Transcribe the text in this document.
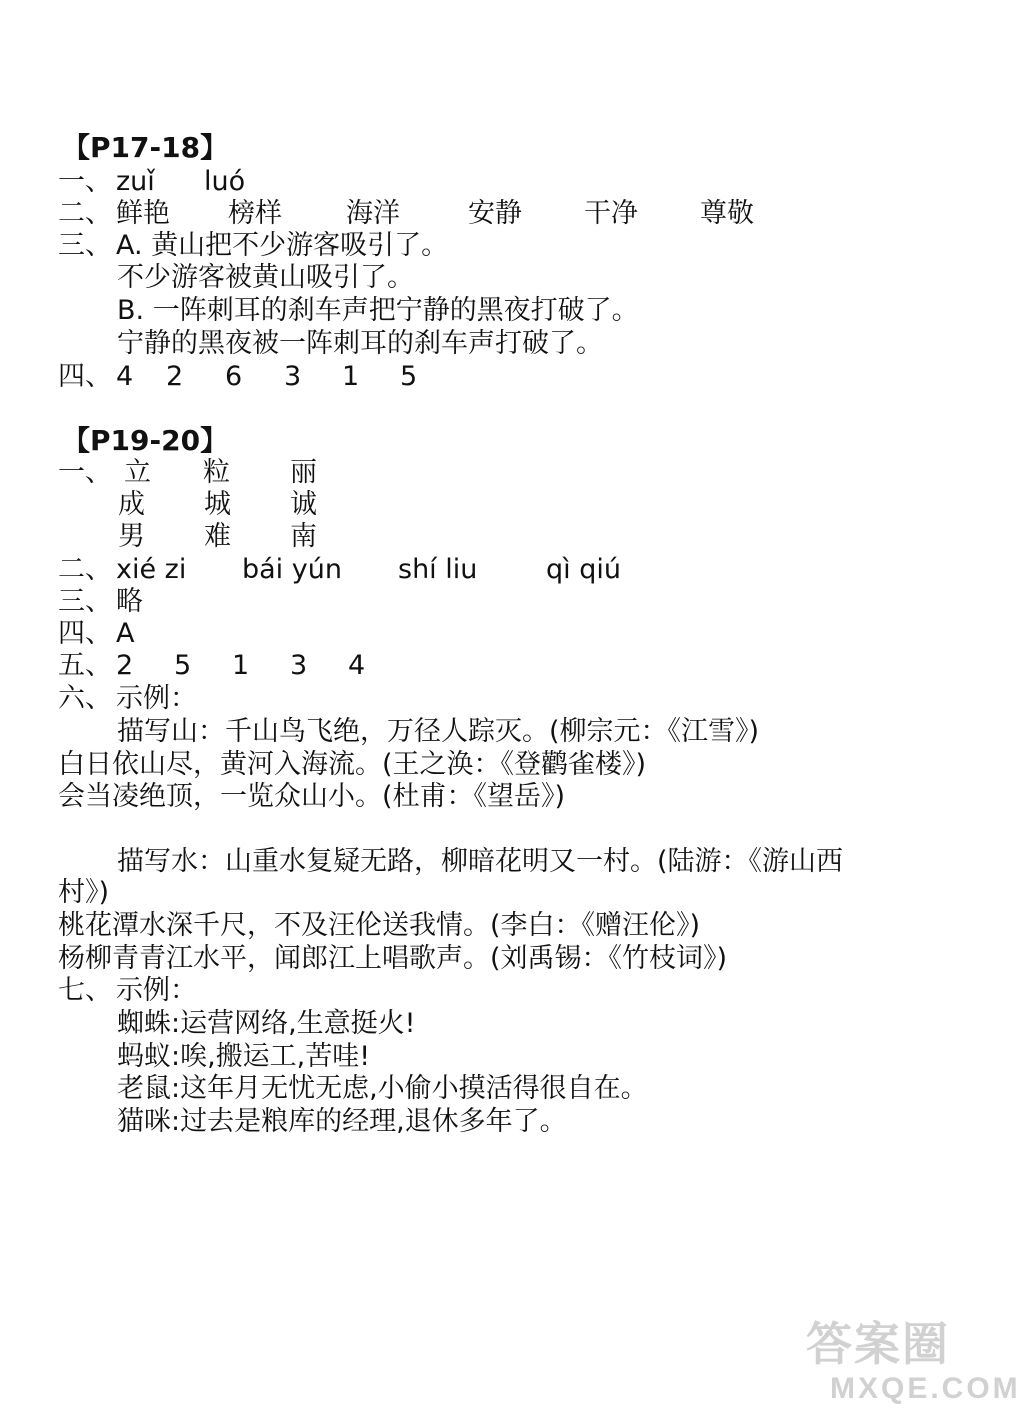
【P17-18】
一、 zuǐ luó
二、 鲜艳 榜样 海洋	安静 干净 尊敬
三、 A. 黄山把不少游客吸引了。
不少游客被黄山吸引了。
B. 一阵刺耳的刹车声把宁静的黑夜打破了。
宁静的黑夜被一阵刺耳的刹车声打破了。
四、 4 2 6 3 1 5
【P19-20】
一、 立 粒 丽
成 城 诚
男 难 南
二、 xié zi bái yún shí liu	qì qiú
三、 略
四、 A
五、 2 5 1 3 4
六、 示例：
描写山：千山鸟飞绝，万径人踪灭。(柳宗元：《江雪》)
白日依山尽，黄河入海流。(王之涣：《登鹳雀楼》)
会当凌绝顶，一览众山小。(杜甫：《望岳》)
描写水：山重水复疑无路，柳暗花明又一村。(陆游：《游山西
村》)
桃花潭水深千尺，不及汪伦送我情。(李白：《赠汪伦》)
杨柳青青江水平，闻郎江上唱歌声。(刘禹锡：《竹枝词》)
七、 示例：
蜘蛛:运营网络,生意挺火!
蚂蚁:唉,搬运工,苦哇!
老鼠:这年月无忧无虑,小偷小摸活得很自在。
猫咪:过去是粮库的经理,退休多年了。
答案圈
MXQE.COM
